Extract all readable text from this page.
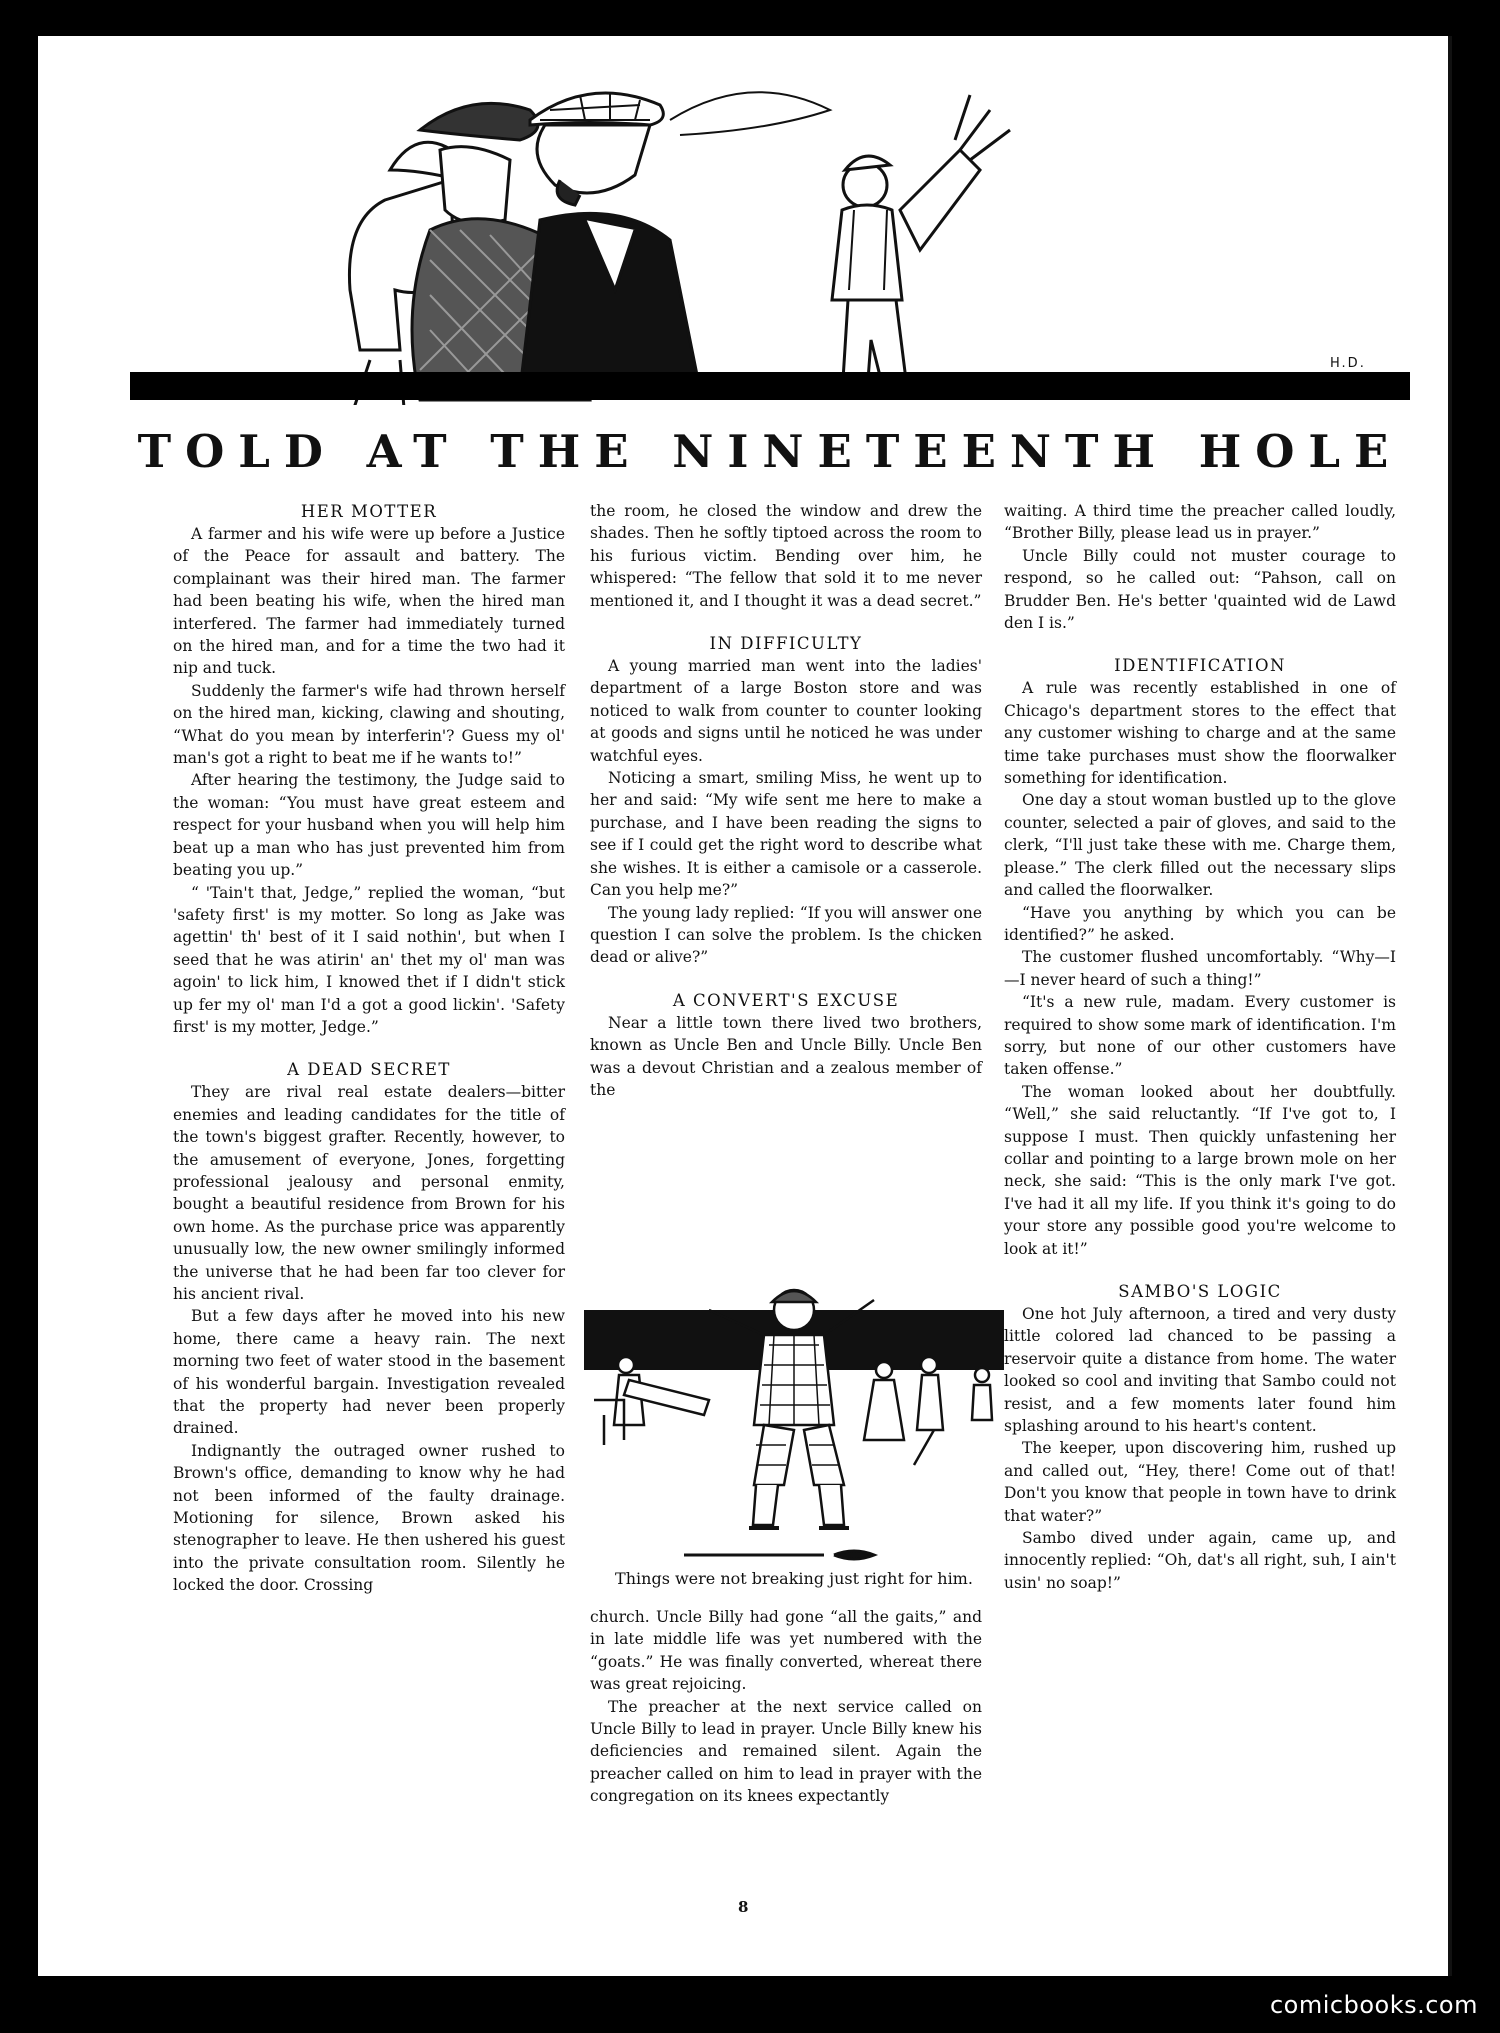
H.D.
TOLD AT THE NINETEENTH HOLE
HER MOTTER

A farmer and his wife were up before a Justice of the Peace for assault and battery. The complainant was their hired man. The farmer had been beating his wife, when the hired man interfered. The farmer had immediately turned on the hired man, and for a time the two had it nip and tuck.

Suddenly the farmer's wife had thrown herself on the hired man, kicking, clawing and shouting, “What do you mean by interferin'? Guess my ol' man's got a right to beat me if he wants to!”

After hearing the testimony, the Judge said to the woman: “You must have great esteem and respect for your husband when you will help him beat up a man who has just prevented him from beating you up.”

“ 'Tain't that, Jedge,” replied the woman, “but 'safety first' is my motter. So long as Jake was agettin' th' best of it I said nothin', but when I seed that he was atirin' an' thet my ol' man was agoin' to lick him, I knowed thet if I didn't stick up fer my ol' man I'd a got a good lickin'. 'Safety first' is my motter, Jedge.”

A DEAD SECRET

They are rival real estate dealers—bitter enemies and leading candidates for the title of the town's biggest grafter. Recently, however, to the amusement of everyone, Jones, forgetting professional jealousy and personal enmity, bought a beautiful residence from Brown for his own home. As the purchase price was apparently unusually low, the new owner smilingly informed the universe that he had been far too clever for his ancient rival.

But a few days after he moved into his new home, there came a heavy rain. The next morning two feet of water stood in the basement of his wonderful bargain. Investigation revealed that the property had never been properly drained.

Indignantly the outraged owner rushed to Brown's office, demanding to know why he had not been informed of the faulty drainage. Motioning for silence, Brown asked his stenographer to leave. He then ushered his guest into the private consultation room. Silently he locked the door. Crossing

the room, he closed the window and drew the shades. Then he softly tiptoed across the room to his furious victim. Bending over him, he whispered: “The fellow that sold it to me never mentioned it, and I thought it was a dead secret.”

IN DIFFICULTY

A young married man went into the ladies' department of a large Boston store and was noticed to walk from counter to counter looking at goods and signs until he noticed he was under watchful eyes.

Noticing a smart, smiling Miss, he went up to her and said: “My wife sent me here to make a purchase, and I have been reading the signs to see if I could get the right word to describe what she wishes. It is either a camisole or a casserole. Can you help me?”

The young lady replied: “If you will answer one question I can solve the problem. Is the chicken dead or alive?”

A CONVERT'S EXCUSE

Near a little town there lived two brothers, known as Uncle Ben and Uncle Billy. Uncle Ben was a devout Christian and a zealous member of the

church. Uncle Billy had gone “all the gaits,” and in late middle life was yet numbered with the “goats.” He was finally converted, whereat there was great rejoicing.

The preacher at the next service called on Uncle Billy to lead in prayer. Uncle Billy knew his deficiencies and remained silent. Again the preacher called on him to lead in prayer with the congregation on its knees expectantly

waiting. A third time the preacher called loudly, “Brother Billy, please lead us in prayer.”

Uncle Billy could not muster courage to respond, so he called out: “Pahson, call on Brudder Ben. He's better 'quainted wid de Lawd den I is.”

IDENTIFICATION

A rule was recently established in one of Chicago's department stores to the effect that any customer wishing to charge and at the same time take purchases must show the floorwalker something for identification.

One day a stout woman bustled up to the glove counter, selected a pair of gloves, and said to the clerk, “I'll just take these with me. Charge them, please.” The clerk filled out the necessary slips and called the floorwalker.

“Have you anything by which you can be identified?” he asked.

The customer flushed uncomfortably. “Why—I—I never heard of such a thing!”

“It's a new rule, madam. Every customer is required to show some mark of identification. I'm sorry, but none of our other customers have taken offense.”

The woman looked about her doubtfully. “Well,” she said reluctantly. “If I've got to, I suppose I must. Then quickly unfastening her collar and pointing to a large brown mole on her neck, she said: “This is the only mark I've got. I've had it all my life. If you think it's going to do your store any possible good you're welcome to look at it!”

SAMBO'S LOGIC

One hot July afternoon, a tired and very dusty little colored lad chanced to be passing a reservoir quite a distance from home. The water looked so cool and inviting that Sambo could not resist, and a few moments later found him splashing around to his heart's content.

The keeper, upon discovering him, rushed up and called out, “Hey, there! Come out of that! Don't you know that people in town have to drink that water?”

Sambo dived under again, came up, and innocently replied: “Oh, dat's all right, suh, I ain't usin' no soap!”

Things were not breaking just right for him.

8
comicbooks.com
